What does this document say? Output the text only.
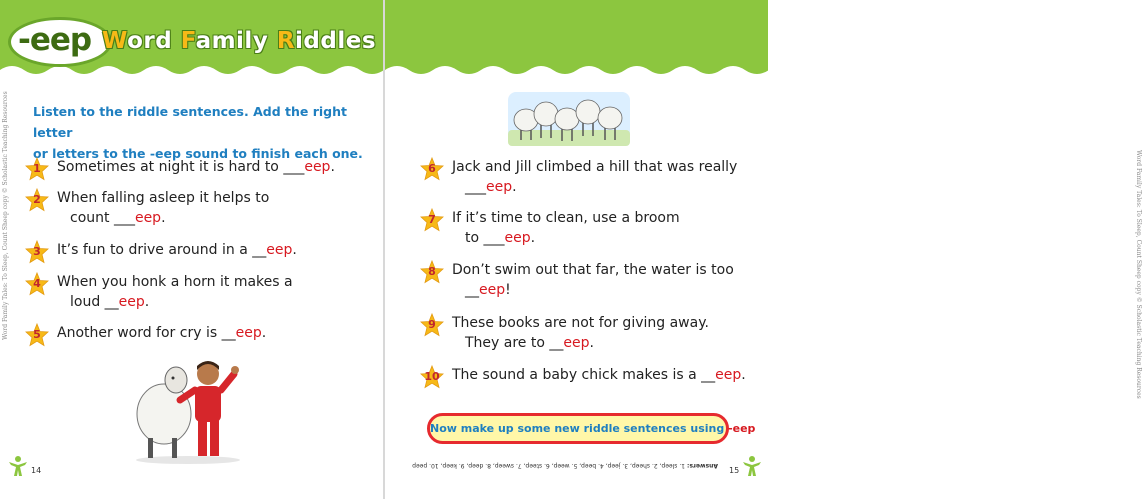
-eep Word Family Riddles
Listen to the riddle sentences. Add the right letter
or letters to the -eep sound to finish each one.
Word Family Tales: To Sleep, Count Sheep copy © Scholastic Teaching Resources
14
Word Family Tales: To Sleep, Count Sheep copy © Scholastic Teaching Resources
15
Now make up some new riddle sentences using -eep
Answers: 1. sleep, 2. sheep, 3. jeep, 4. beep, 5. weep, 6. steep, 7. sweep, 8. deep, 9. keep, 10. peep
1	Sometimes at night it is hard to ___eep.
2	When falling asleep it helps to
count ___eep.
3	It’s fun to drive around in a __eep.
4	When you honk a horn it makes a
loud __eep.
5	Another word for cry is __eep.
6	Jack and Jill climbed a hill that was really
___eep.
7	If it’s time to clean, use a broom
to ___eep.
8	Don’t swim out that far, the water is too
__eep!
9	These books are not for giving away.
They are to __eep.
10 The sound a baby chick makes is a __eep.
